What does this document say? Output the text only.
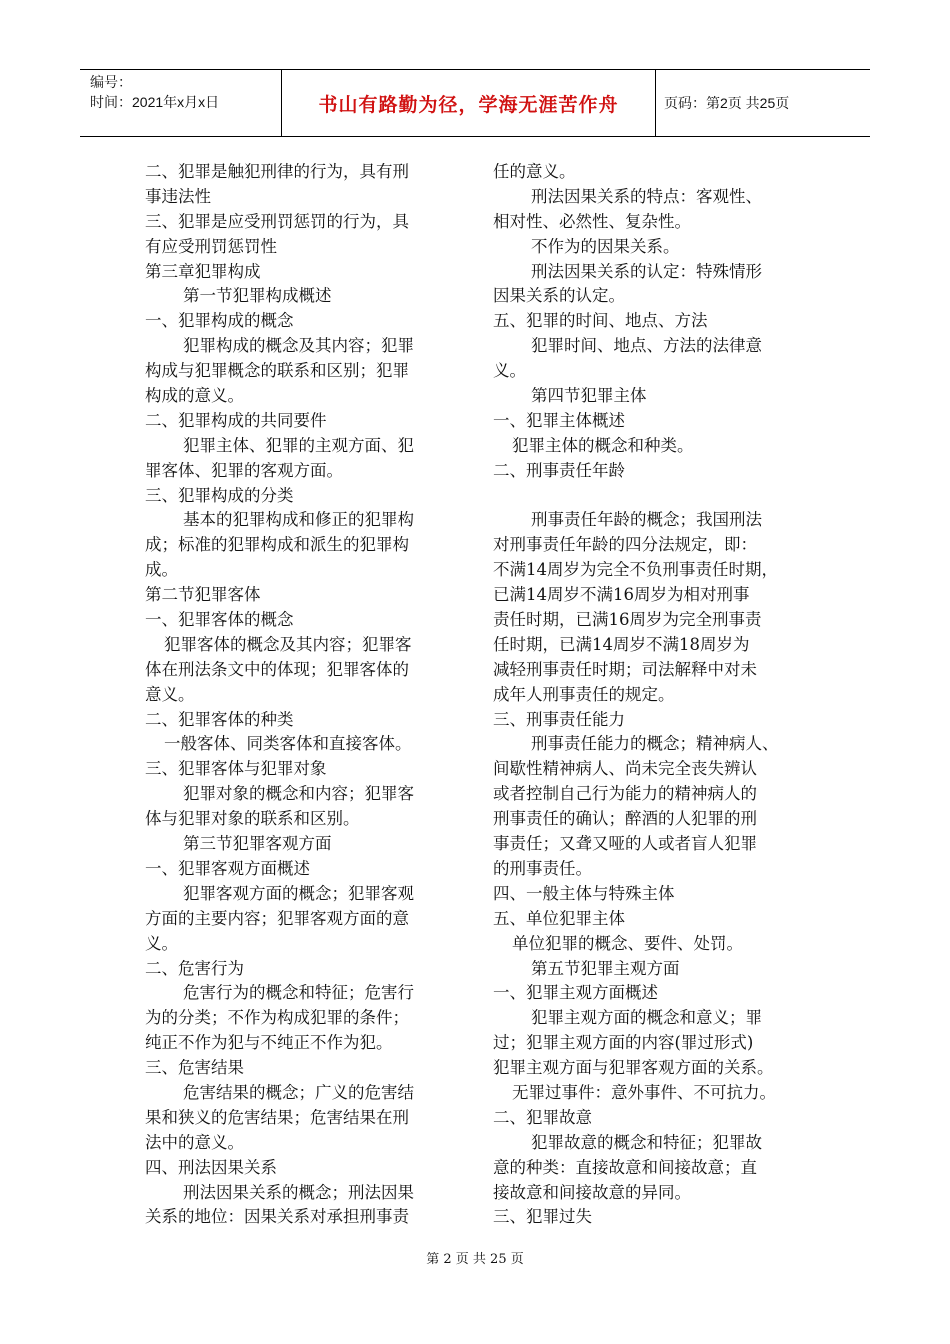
编号：
时间：2021年x月x日	书山有路勤为径，学海无涯苦作舟	页码：第2页 共25页
二、犯罪是触犯刑律的行为，具有刑
事违法性
三、犯罪是应受刑罚惩罚的行为，具
有应受刑罚惩罚性
第三章犯罪构成
第一节犯罪构成概述
一、犯罪构成的概念
犯罪构成的概念及其内容；犯罪
构成与犯罪概念的联系和区别；犯罪
构成的意义。
二、犯罪构成的共同要件
犯罪主体、犯罪的主观方面、犯
罪客体、犯罪的客观方面。
三、犯罪构成的分类
基本的犯罪构成和修正的犯罪构
成；标准的犯罪构成和派生的犯罪构
成。
第二节犯罪客体
一、犯罪客体的概念
犯罪客体的概念及其内容；犯罪客
体在刑法条文中的体现；犯罪客体的
意义。
二、犯罪客体的种类
一般客体、同类客体和直接客体。
三、犯罪客体与犯罪对象
犯罪对象的概念和内容；犯罪客
体与犯罪对象的联系和区别。
第三节犯罪客观方面
一、犯罪客观方面概述
犯罪客观方面的概念；犯罪客观
方面的主要内容；犯罪客观方面的意
义。
二、危害行为
危害行为的概念和特征；危害行
为的分类；不作为构成犯罪的条件；
纯正不作为犯与不纯正不作为犯。
三、危害结果
危害结果的概念；广义的危害结
果和狭义的危害结果；危害结果在刑
法中的意义。
四、刑法因果关系
刑法因果关系的概念；刑法因果
关系的地位：因果关系对承担刑事责
任的意义。
刑法因果关系的特点：客观性、
相对性、必然性、复杂性。
不作为的因果关系。
刑法因果关系的认定：特殊情形
因果关系的认定。
五、犯罪的时间、地点、方法
犯罪时间、地点、方法的法律意
义。
第四节犯罪主体
一、犯罪主体概述
犯罪主体的概念和种类。
二、刑事责任年龄
刑事责任年龄的概念；我国刑法
对刑事责任年龄的四分法规定，即：
不满14周岁为完全不负刑事责任时期，
已满14周岁不满16周岁为相对刑事
责任时期，已满16周岁为完全刑事责
任时期，已满14周岁不满18周岁为
减轻刑事责任时期；司法解释中对未
成年人刑事责任的规定。
三、刑事责任能力
刑事责任能力的概念；精神病人、
间歇性精神病人、尚未完全丧失辨认
或者控制自己行为能力的精神病人的
刑事责任的确认；醉酒的人犯罪的刑
事责任；又聋又哑的人或者盲人犯罪
的刑事责任。
四、一般主体与特殊主体
五、单位犯罪主体
单位犯罪的概念、要件、处罚。
第五节犯罪主观方面
一、犯罪主观方面概述
犯罪主观方面的概念和意义；罪
过；犯罪主观方面的内容(罪过形式)
犯罪主观方面与犯罪客观方面的关系。
无罪过事件：意外事件、不可抗力。
二、犯罪故意
犯罪故意的概念和特征；犯罪故
意的种类：直接故意和间接故意；直
接故意和间接故意的异同。
三、犯罪过失
第 2 页 共 25 页
